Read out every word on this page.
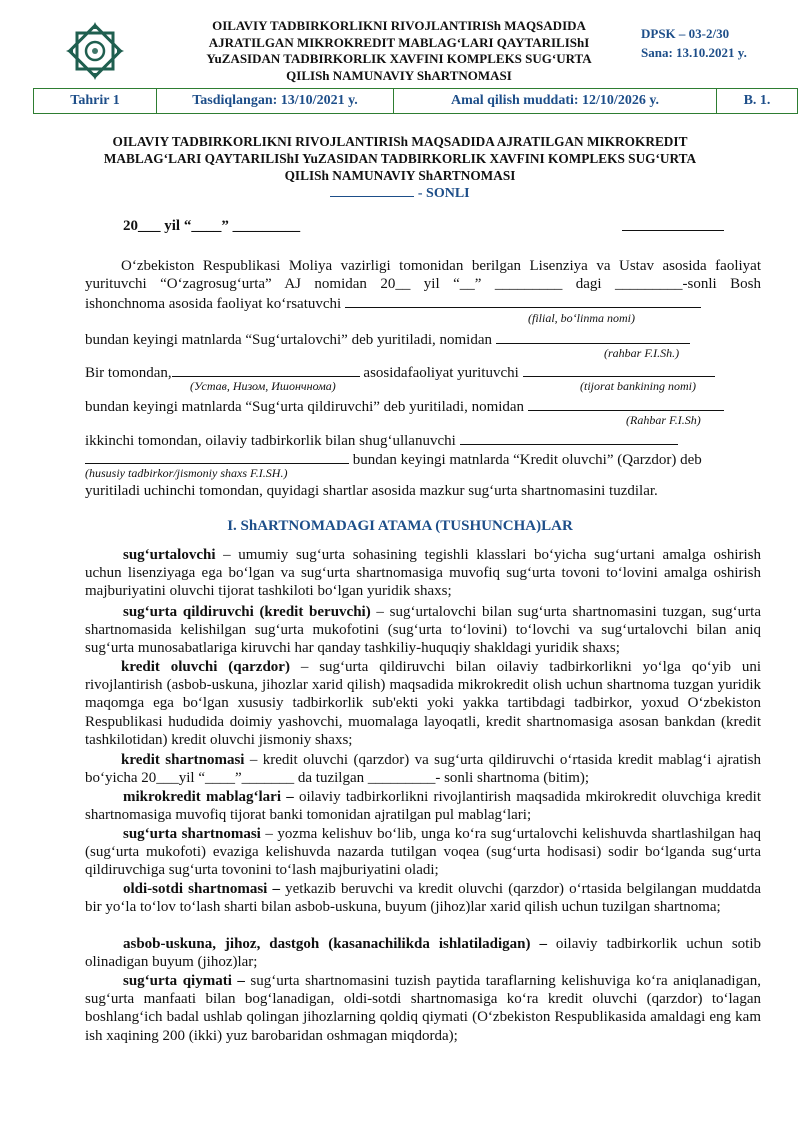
OILAVIY TADBIRKORLIKNI RIVOJLANTIRISh MAQSADIDA
AJRATILGAN MIKROKREDIT MABLAG‘LARI QAYTARILIShI
YuZASIDAN TADBIRKORLIK XAVFINI KOMPLEKS SUG‘URTA
QILISh NAMUNAVIY ShARTNOMASI
DPSK – 03-2/30
Sana: 13.10.2021 y.
Tahrir 1	Tasdiqlangan: 13/10/2021 y.	Amal qilish muddati: 12/10/2026 y.	B. 1.
OILAVIY TADBIRKORLIKNI RIVOJLANTIRISh MAQSADIDA AJRATILGAN MIKROKREDIT
MABLAG‘LARI QAYTARILIShI YuZASIDAN TADBIRKORLIK XAVFINI KOMPLEKS SUG‘URTA
QILISh NAMUNAVIY ShARTNOMASI
- SONLI
20___ yil “____” _________
O‘zbekiston Respublikasi Moliya vazirligi tomonidan berilgan Lisenziya va Ustav asosida faoliyat
yurit​uvchi “O‘zagrosug‘urta” AJ nomidan 20__ yil “__” _________ dagi _________-sonli Bosh
ishonchnoma asosida faoliyat ko‘rsatuvchi
(filial, bo‘linma nomi)
bundan keyingi matnlarda “Sug‘urtalovchi” deb yuritiladi, nomidan
(rahbar F.I.Sh.)
Bir tomondan,	asosidafaoliyat yuritu​vchi
(Устав, Низом, Ишончнома)	(tijorat bankining nomi)
bundan keyingi matnlarda “Sug‘urta qildiruvchi” deb yuritiladi, nomidan
(Rahbar F.I.Sh)
ikkinchi tomondan, oilaviy tadbirkorlik bilan shug‘ullanuvchi
bundan keyingi matnlarda “Kredit oluvchi” (Qarzdor) deb
(hususiy tadbirkor/jismoniy shaxs F.I.SH.)
yuritiladi uchinchi tomondan, quyidagi shartlar asosida mazkur sug‘urta shartnomasini tuzdilar.
I. ShARTNOMADAGI ATAMA (TUSHUNCHA)LAR
sug‘urtalovchi – umumiy sug‘urta sohasining tegishli klasslari bo‘yicha sug‘urtani amalga oshirish uchun lisenziyaga ega bo‘lgan va sug‘urta shartnomasiga muvofiq sug‘urta tovoni to‘lovini amalga oshirish majburiyatini oluvchi tijorat tashkiloti bo‘lgan yuridik shaxs;
sug‘urta qildiruvchi (kredit beruvchi) – sug‘urtalovchi bilan sug‘urta shartnomasini tuzgan, sug‘urta shartnomasida kelishilgan sug‘urta mukofotini (sug‘urta to‘lovini) to‘lovchi va sug‘urtalovchi bilan aniq sug‘urta munosabatlariga kiruvchi har qanday tashkiliy-huquqiy shakldagi yuridik shaxs;
kredit oluvchi (qarzdor) – sug‘urta qildiruvchi bilan oilaviy tadbirkorlikni yo‘lga qo‘yib uni rivojlantirish (asbob-uskuna, jihozlar xarid qilish) maqsadida mikrokredit olish uchun shartnoma tuzgan yuridik maqomga ega bo‘lgan xususiy tadbirkorlik sub'ekti yoki yakka tartibdagi tadbirkor, yoxud O‘zbekiston Respublikasi hududida doimiy yashovchi, muomalaga layoqatli, kredit shartnomasiga asosan bankdan (kredit tashkilotidan) kredit oluvchi jismoniy shaxs;
kredit shartnomasi – kredit oluvchi (qarzdor) va sug‘urta qildiruvchi o‘rtasida kredit mablag‘i ajratish bo‘yicha 20___yil “____”_______ da tuzilgan _________- sonli shartnoma (bitim);
mikrokredit mablag‘lari – oilaviy tadbirkorlikni rivojlantirish maqsadida mkirokredit oluvchiga kredit shartnomasiga muvofiq tijorat banki tomonidan ajratilgan pul mablag‘lari;
sug‘urta shartnomasi – yozma kelishuv bo‘lib, unga ko‘ra sug‘urtalovchi kelishuvda shartlashilgan haq (sug‘urta mukofoti) evaziga kelishuvda nazarda tutilgan voqea (sug‘urta hodisasi) sodir bo‘lganda sug‘urta qildiruvchiga sug‘urta tovonini to‘lash majburiyatini oladi;
oldi-sotdi shartnomasi – yetkazib beruvchi va kredit oluvchi (qarzdor) o‘rtasida belgilangan muddatda bir yo‘la to‘lov to‘lash sharti bilan asbob-uskuna, buyum (jihoz)lar xarid qilish uchun tuzilgan shartnoma;
asbob-uskuna, jihoz, dastgoh (kasanachilikda ishlatiladigan) – oilaviy tadbirkorlik uchun sotib olinadigan buyum (jihoz)lar;
sug‘urta qiymati – sug‘urta shartnomasini tuzish paytida taraflarning kelishuviga ko‘ra aniqlanadigan, sug‘urta manfaati bilan bog‘lanadigan, oldi-sotdi shartnomasiga ko‘ra kredit oluvchi (qarzdor) to‘lagan boshlang‘ich badal ushlab qolingan jihozlarning qoldiq qiymati (O‘zbekiston Respublikasida amaldagi eng kam ish xaqining 200 (ikki) yuz barobaridan oshmagan miqdorda);
